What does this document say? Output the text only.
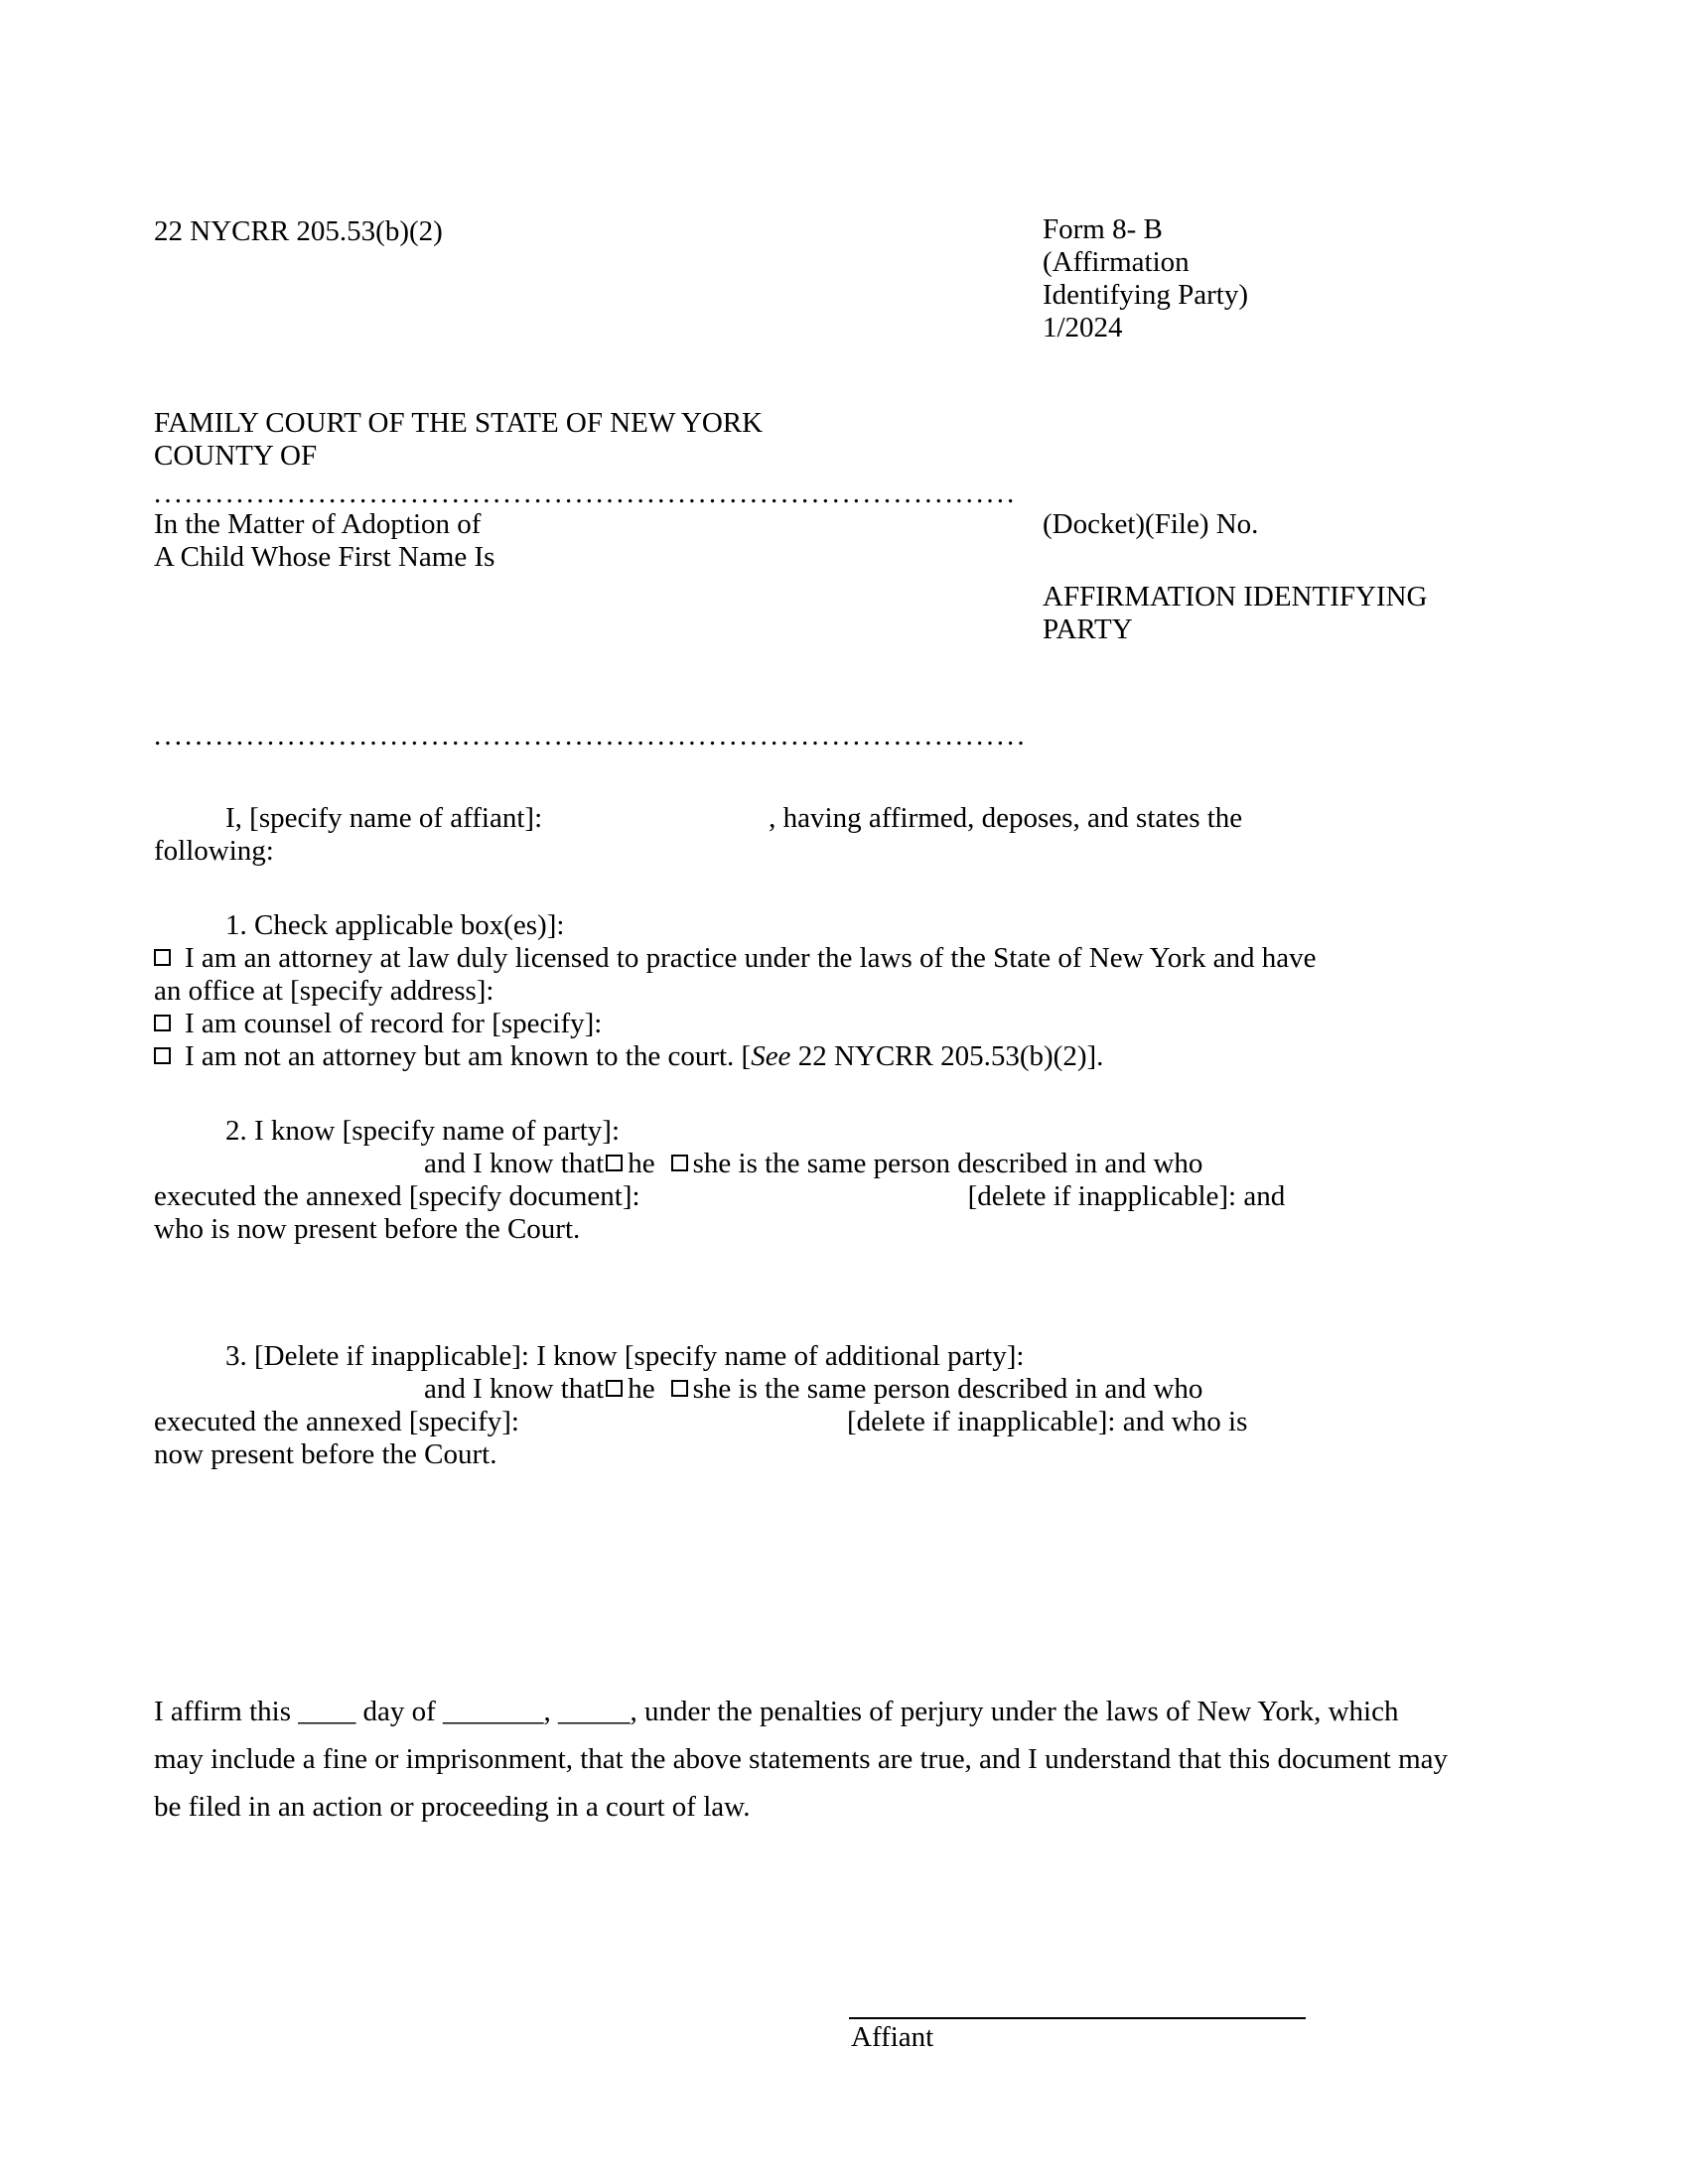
22 NYCRR 205.53(b)(2)	Form 8- B
(Affirmation
Identifying Party)
1/2024
FAMILY COURT OF THE STATE OF NEW YORK
COUNTY OF
....................................................................................
In the Matter of Adoption of
A Child Whose First Name Is
(Docket)(File) No.
AFFIRMATION IDENTIFYING
PARTY
.....................................................................................
I, [specify name of affiant]:	, having affirmed, deposes, and states the
following:
1. Check applicable box(es)]:
I am an attorney at law duly licensed to practice under the laws of the State of New York and have
an office at [specify address]:
I am counsel of record for [specify]:
I am not an attorney but am known to the court. [See 22 NYCRR 205.53(b)(2)].
2. I know [specify name of party]:
and I know that he she is the same person described in and who
executed the annexed [specify document]:	[delete if inapplicable]: and
who is now present before the Court.
3. [Delete if inapplicable]: I know [specify name of additional party]:
and I know that he she is the same person described in and who
executed the annexed [specify]:	[delete if inapplicable]: and who is
now present before the Court.
I affirm this ____ day of _______, _____, under the penalties of perjury under the laws of New York, which may include a fine or imprisonment, that the above statements are true, and I understand that this document may be filed in an action or proceeding in a court of law.
Affiant
